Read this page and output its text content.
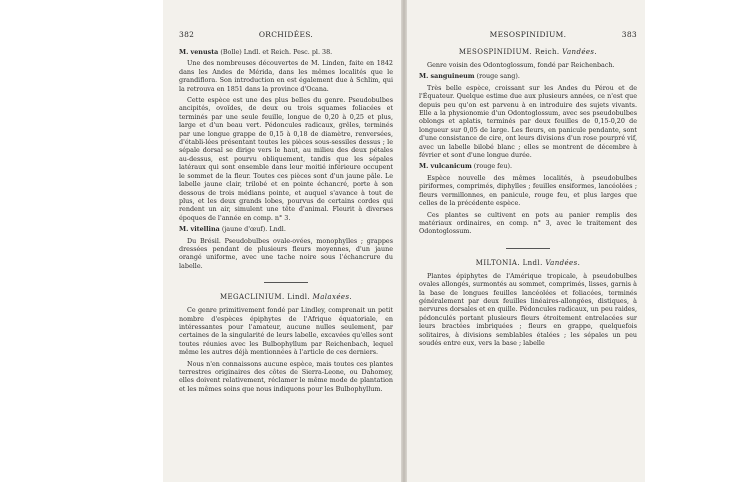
382	ORCHIDÉES.

M. venusta (Bolle) Lndl. et Reich. Pesc. pl. 38.

Une des nombreuses découvertes de M. Linden, faite en 1842 dans les Andes de Mérida, dans les mêmes localités que le grandiflora. Son introduction en est également due à Schlim, qui la retrouva en 1851 dans la province d'Ocana.

Cette espèce est une des plus belles du genre. Pseudobulbes ancipités, ovoïdes, de deux ou trois squames foliacées et terminés par une seule feuille, longue de 0,20 à 0,25 et plus, large et d'un beau vert. Pédoncules radicaux, grêles, terminés par une longue grappe de 0,15 à 0,18 de diamètre, renversées, d'établi-lées présentant toutes les pièces sous-sessiles dessus ; le sépale dorsal se dirige vers le haut, au milieu des deux pétales au-dessus, est pourvu obliquement, tandis que les sépales latéraux qui sont ensemble dans leur moitié inférieure occupent le sommet de la fleur. Toutes ces pièces sont d'un jaune pâle. Le labelle jaune clair, trilobé et en pointe échancré, porte à son dessous de trois médians pointe, et auquel s'avance à tout de plus, et les deux grands lobes, pourvus de certains cordes qui rendent un air, simulent une tête d'animal. Fleurit à diverses époques de l'année en comp. n° 3.

M. vitellina (jaune d'œuf). Lndl.

Du Brésil. Pseudobulbes ovale-ovées, monophylles ; grappes dressées pendant de plusieurs fleurs moyennes, d'un jaune orangé uniforme, avec une tache noire sous l'échancrure du labelle.

MEGACLINIUM. Lindl. Malaxées.

Ce genre primitivement fondé par Lindley, comprenait un petit nombre d'espèces épiphytes de l'Afrique équatoriale, en intéressantes pour l'amateur, aucune nulles seulement, par certaines de la singularité de leurs labelle, excavées qu'elles sont toutes réunies avec les Bulbophyllum par Reichenbach, lequel même les autres déjà mentionnées à l'article de ces derniers.

Nous n'en connaissons aucune espèce, mais toutes ces plantes terrestres originaires des côtes de Sierra-Leone, ou Dahomey, elles doivent relativement, réclamer le même mode de plantation et les mêmes soins que nous indiquons pour les Bulbophyllum.

MESOSPINIDIUM.	383
MESOSPINIDIUM. Reich. Vandées.

Genre voisin des Odontoglossum, fondé par Reichenbach.

M. sanguineum (rouge sang).

Très belle espèce, croissant sur les Andes du Pérou et de l'Équateur. Quelque estime due aux plusieurs années, ce n'est que depuis peu qu'on est parvenu à en introduire des sujets vivants. Elle a la physionomie d'un Odontoglossum, avec ses pseudobulbes oblongs et aplatis, terminés par deux feuilles de 0,15-0,20 de longueur sur 0,05 de large. Les fleurs, en panicule pendante, sont d'une consistance de cire, ont leurs divisions d'un rose pourpré vif, avec un labelle bilobé blanc ; elles se montrent de décembre à février et sont d'une longue durée.

M. vulcanicum (rouge feu).

Espèce nouvelle des mêmes localités, à pseudobulbes piriformes, comprimés, diphylles ; feuilles ensiformes, lancéolées ; fleurs vermillonnes, en panicule, rouge feu, et plus larges que celles de la précédente espèce.

Ces plantes se cultivent en pots au panier remplis des matériaux ordinaires, en comp. n° 3, avec le traitement des Odontoglossum.

MILTONIA. Lndl. Vandées.

Plantes épiphytes de l'Amérique tropicale, à pseudobulbes ovales allongés, surmontés au sommet, comprimés, lisses, garnis à la base de longues feuilles lancéolées et foliacées, terminés généralement par deux feuilles linéaires-allongées, distiques, à nervures dorsales et en quille. Pédoncules radicaux, un peu raides, pédonculés portant plusieurs fleurs étroitement entrelacées sur leurs bractées imbriquées ; fleurs en grappe, quelquefois solitaires, à divisions semblables étalées ; les sépales un peu soudés entre eux, vers la base ; labelle
